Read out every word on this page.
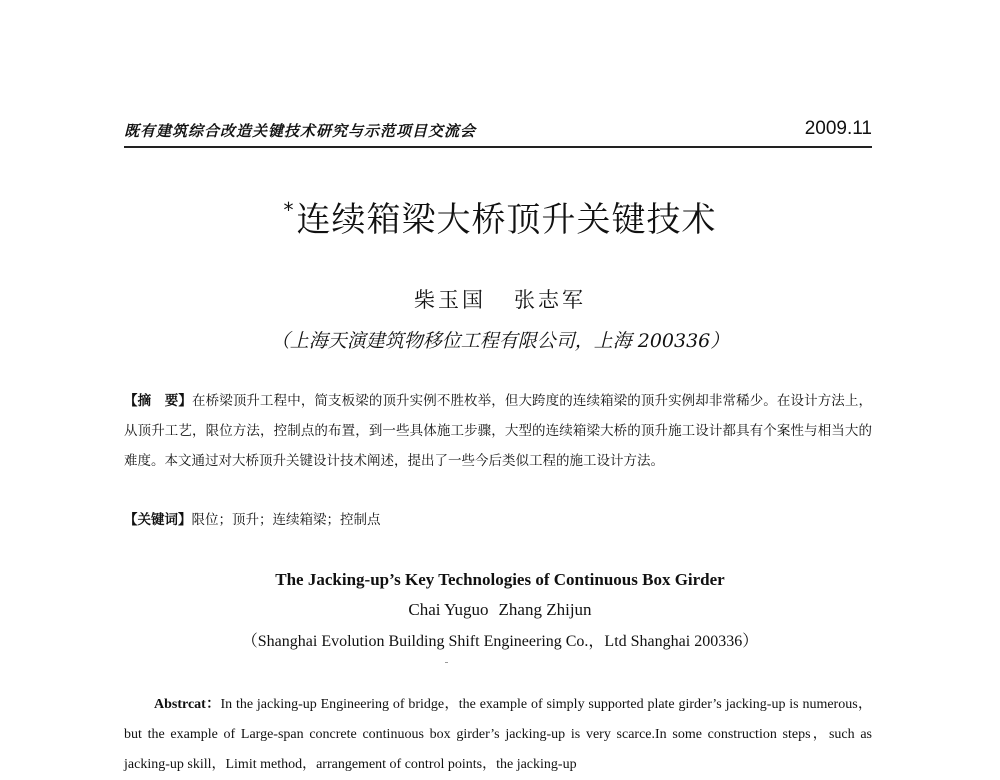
既有建筑综合改造关键技术研究与示范项目交流会	2009.11
*连续箱梁大桥顶升关键技术
柴玉国 张志军
（上海天演建筑物移位工程有限公司，上海 200336）
【摘　要】在桥梁顶升工程中，简支板梁的顶升实例不胜枚举，但大跨度的连续箱梁的顶升实例却非常稀少。在设计方法上，从顶升工艺，限位方法，控制点的布置，到一些具体施工步骤，大型的连续箱梁大桥的顶升施工设计都具有个案性与相当大的难度。本文通过对大桥顶升关键设计技术阐述，提出了一些今后类似工程的施工设计方法。
【关键词】限位；顶升；连续箱梁；控制点
The Jacking-up’s Key Technologies of Continuous Box Girder
Chai Yuguo Zhang Zhijun
（Shanghai Evolution Building Shift Engineering Co.，Ltd Shanghai 200336）
Abstrcat：In the jacking-up Engineering of bridge，the example of simply supported plate girder’s jacking-up is numerous，but the example of Large-span concrete continuous box girder’s jacking-up is very scarce.In some construction steps，such as jacking-up skill，Limit method，arrangement of control points，the jacking-up
